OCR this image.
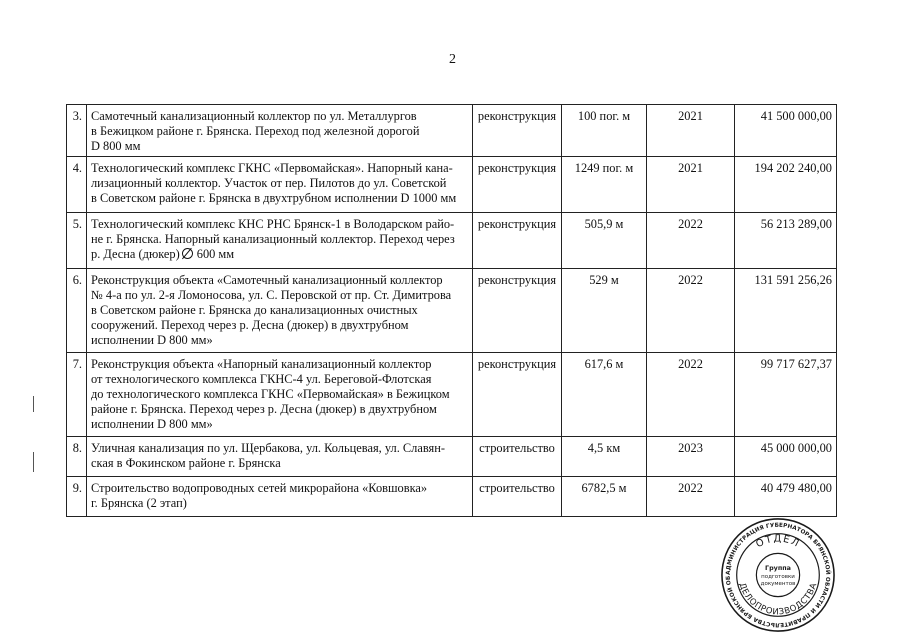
2
3.	Самотечный канализационный коллектор по ул. Металлургов
в Бежицком районе г. Брянска. Переход под железной дорогой
D 800 мм	реконструкция	100 пог. м	2021	41 500 000,00
4.	Технологический комплекс ГКНС «Первомайская». Напорный кана-
лизационный коллектор. Участок от пер. Пилотов до ул. Советской
в Советском районе г. Брянска в двухтрубном исполнении D 1000 мм	реконструкция	1249 пог. м	2021	194 202 240,00
5.	Технологический комплекс КНС РНС Брянск-1 в Володарском райо-
не г. Брянска. Напорный канализационный коллектор. Переход через
р. Десна (дюкер) 600 мм	реконструкция	505,9 м	2022	56 213 289,00
6.	Реконструкция объекта «Самотечный канализационный коллектор
№ 4-а по ул. 2-я Ломоносова, ул. С. Перовской от пр. Ст. Димитрова
в Советском районе г. Брянска до канализационных очистных
сооружений. Переход через р. Десна (дюкер) в двухтрубном
исполнении D 800 мм»	реконструкция	529 м	2022	131 591 256,26
7.	Реконструкция объекта «Напорный канализационный коллектор
от технологического комплекса ГКНС-4 ул. Береговой-Флотская
до технологического комплекса ГКНС «Первомайская» в Бежицком
районе г. Брянска. Переход через р. Десна (дюкер) в двухтрубном
исполнении D 800 мм»	реконструкция	617,6 м	2022	99 717 627,37
8.	Уличная канализация по ул. Щербакова, ул. Кольцевая, ул. Славян-
ская в Фокинском районе г. Брянска	строительство	4,5 км	2023	45 000 000,00
9.	Строительство водопроводных сетей микрорайона «Ковшовка»
г. Брянска (2 этап)	строительство	6782,5 м	2022	40 479 480,00
АДМИНИСТРАЦИЯ ГУБЕРНАТОРА БРЯНСКОЙ ОБЛАСТИ И ПРАВИТЕЛЬСТВА БРЯНСКОЙ ОБ
ОТДЕЛ
ДЕЛОПРОИЗВОДСТВА
Группа
подготовки
документов
